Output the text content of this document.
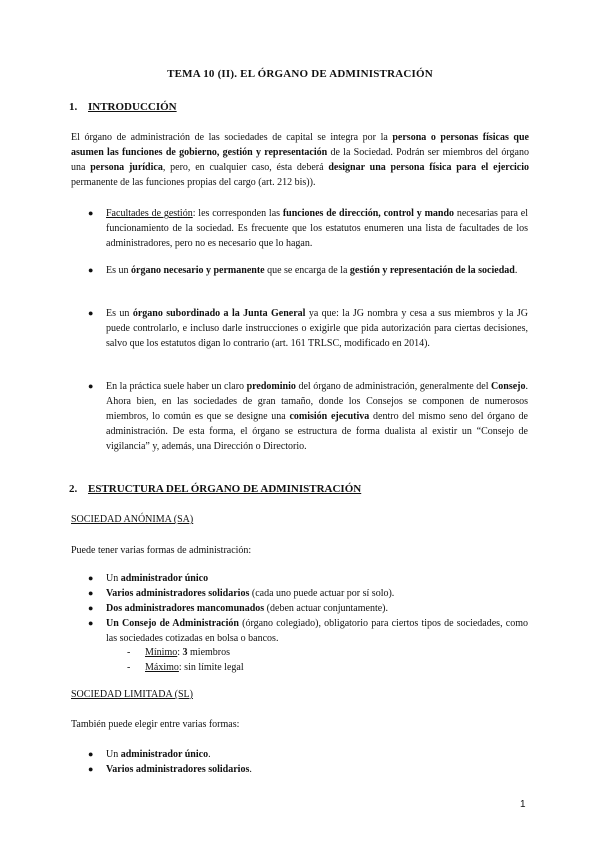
TEMA 10 (II). EL ÓRGANO DE ADMINISTRACIÓN
1. INTRODUCCIÓN
El órgano de administración de las sociedades de capital se integra por la persona o personas físicas que asumen las funciones de gobierno, gestión y representación de la Sociedad. Podrán ser miembros del órgano una persona jurídica, pero, en cualquier caso, ésta deberá designar una persona física para el ejercicio permanente de las funciones propias del cargo (art. 212 bis)).
● Facultades de gestión: les corresponden las funciones de dirección, control y mando necesarias para el funcionamiento de la sociedad. Es frecuente que los estatutos enumeren una lista de facultades de los administradores, pero no es necesario que lo hagan.
● Es un órgano necesario y permanente que se encarga de la gestión y representación de la sociedad.
● Es un órgano subordinado a la Junta General ya que: la JG nombra y cesa a sus miembros y la JG puede controlarlo, e incluso darle instrucciones o exigirle que pida autorización para ciertas decisiones, salvo que los estatutos digan lo contrario (art. 161 TRLSC, modificado en 2014).
● En la práctica suele haber un claro predominio del órgano de administración, generalmente del Consejo. Ahora bien, en las sociedades de gran tamaño, donde los Consejos se componen de numerosos miembros, lo común es que se designe una comisión ejecutiva dentro del mismo seno del órgano de administración. De esta forma, el órgano se estructura de forma dualista al existir un “Consejo de vigilancia” y, además, una Dirección o Directorio.
2. ESTRUCTURA DEL ÓRGANO DE ADMINISTRACIÓN
SOCIEDAD ANÓNIMA (SA)
Puede tener varias formas de administración:
● Un administrador único
● Varios administradores solidarios (cada uno puede actuar por sí solo).
● Dos administradores mancomunados (deben actuar conjuntamente).
● Un Consejo de Administración (órgano colegiado), obligatorio para ciertos tipos de sociedades, como las sociedades cotizadas en bolsa o bancos.
- Mínimo: 3 miembros
- Máximo: sin límite legal
SOCIEDAD LIMITADA (SL)
También puede elegir entre varias formas:
● Un administrador único.
● Varios administradores solidarios.
1
